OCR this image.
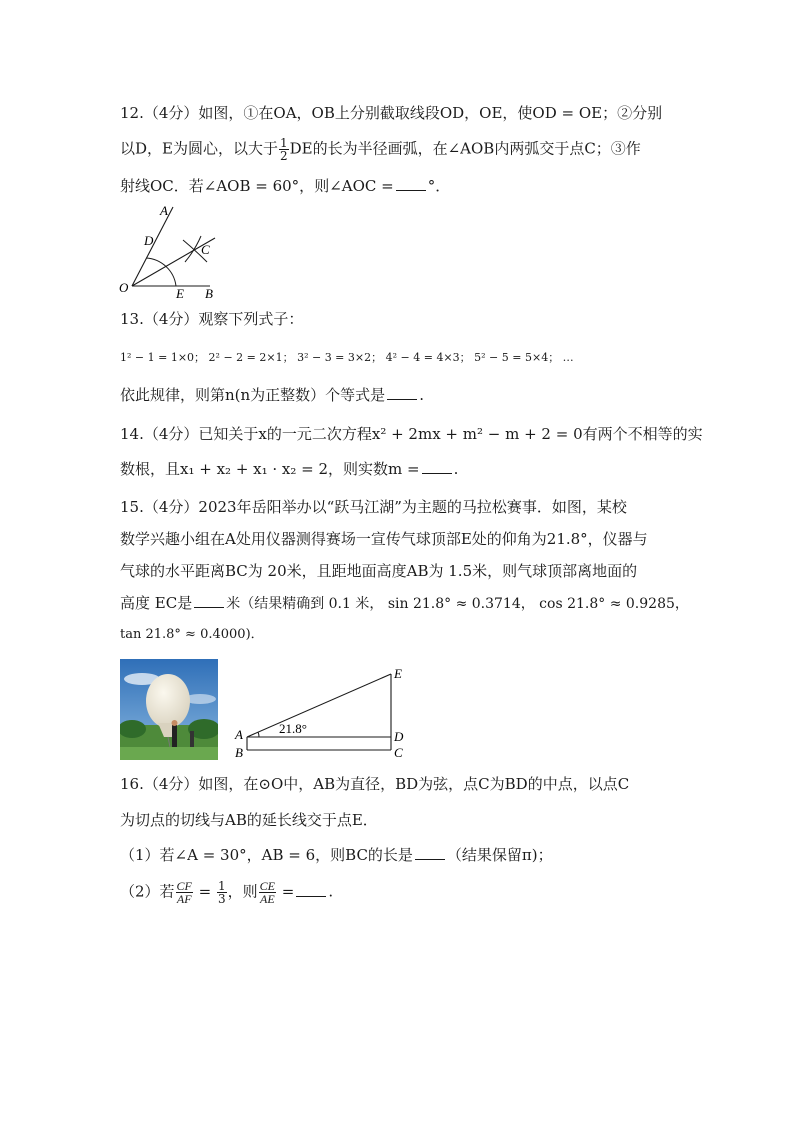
12.（4分）如图，①在OA，OB上分别截取线段OD，OE，使OD = OE；②分别
以D，E为圆心，以大于 $\frac{1}{2}$ DE的长为半径画弧，在∠AOB内两弧交于点C；③作
射线OC．若∠AOB = 60°，则∠AOC = °．
A
D
C
O	E B
13.（4分）观察下列式子：
1² − 1 = 1×0； 2² − 2 = 2×1； 3² − 3 = 3×2； 4² − 4 = 4×3； 5² − 5 = 5×4； …
依此规律，则第n(n为正整数）个等式是 .
14.（4分）已知关于x的一元二次方程x² + 2mx + m² − m + 2 = 0有两个不相等的实
数根，且x₁ + x₂ + x₁ · x₂ = 2，则实数m = .
15.（4分）2023年岳阳举办以“跃马江湖”为主题的马拉松赛事．如图，某校
数学兴趣小组在A处用仪器测得赛场一宣传气球顶部E处的仰角为21.8°，仪器与
气球的水平距离BC为 20米，且距地面高度AB为 1.5米，则气球顶部离地面的
高度 EC是 米（结果精确到 0.1 米， sin 21.8° ≈ 0.3714， cos 21.8° ≈ 0.9285，
tan 21.8° ≈ 0.4000)．
21.8°
A
B
E
D
C
16.（4分）如图，在⊙O中，AB为直径，BD为弦，点C为BD的中点，以点C
为切点的切线与AB的延长线交于点E．
（1）若∠A = 30°，AB = 6，则BC的长是 （结果保留π)；
（2）若 $\frac{CF}{AF} = \frac{1}{3}$ ，则 $\frac{CE}{AE}$ = .
